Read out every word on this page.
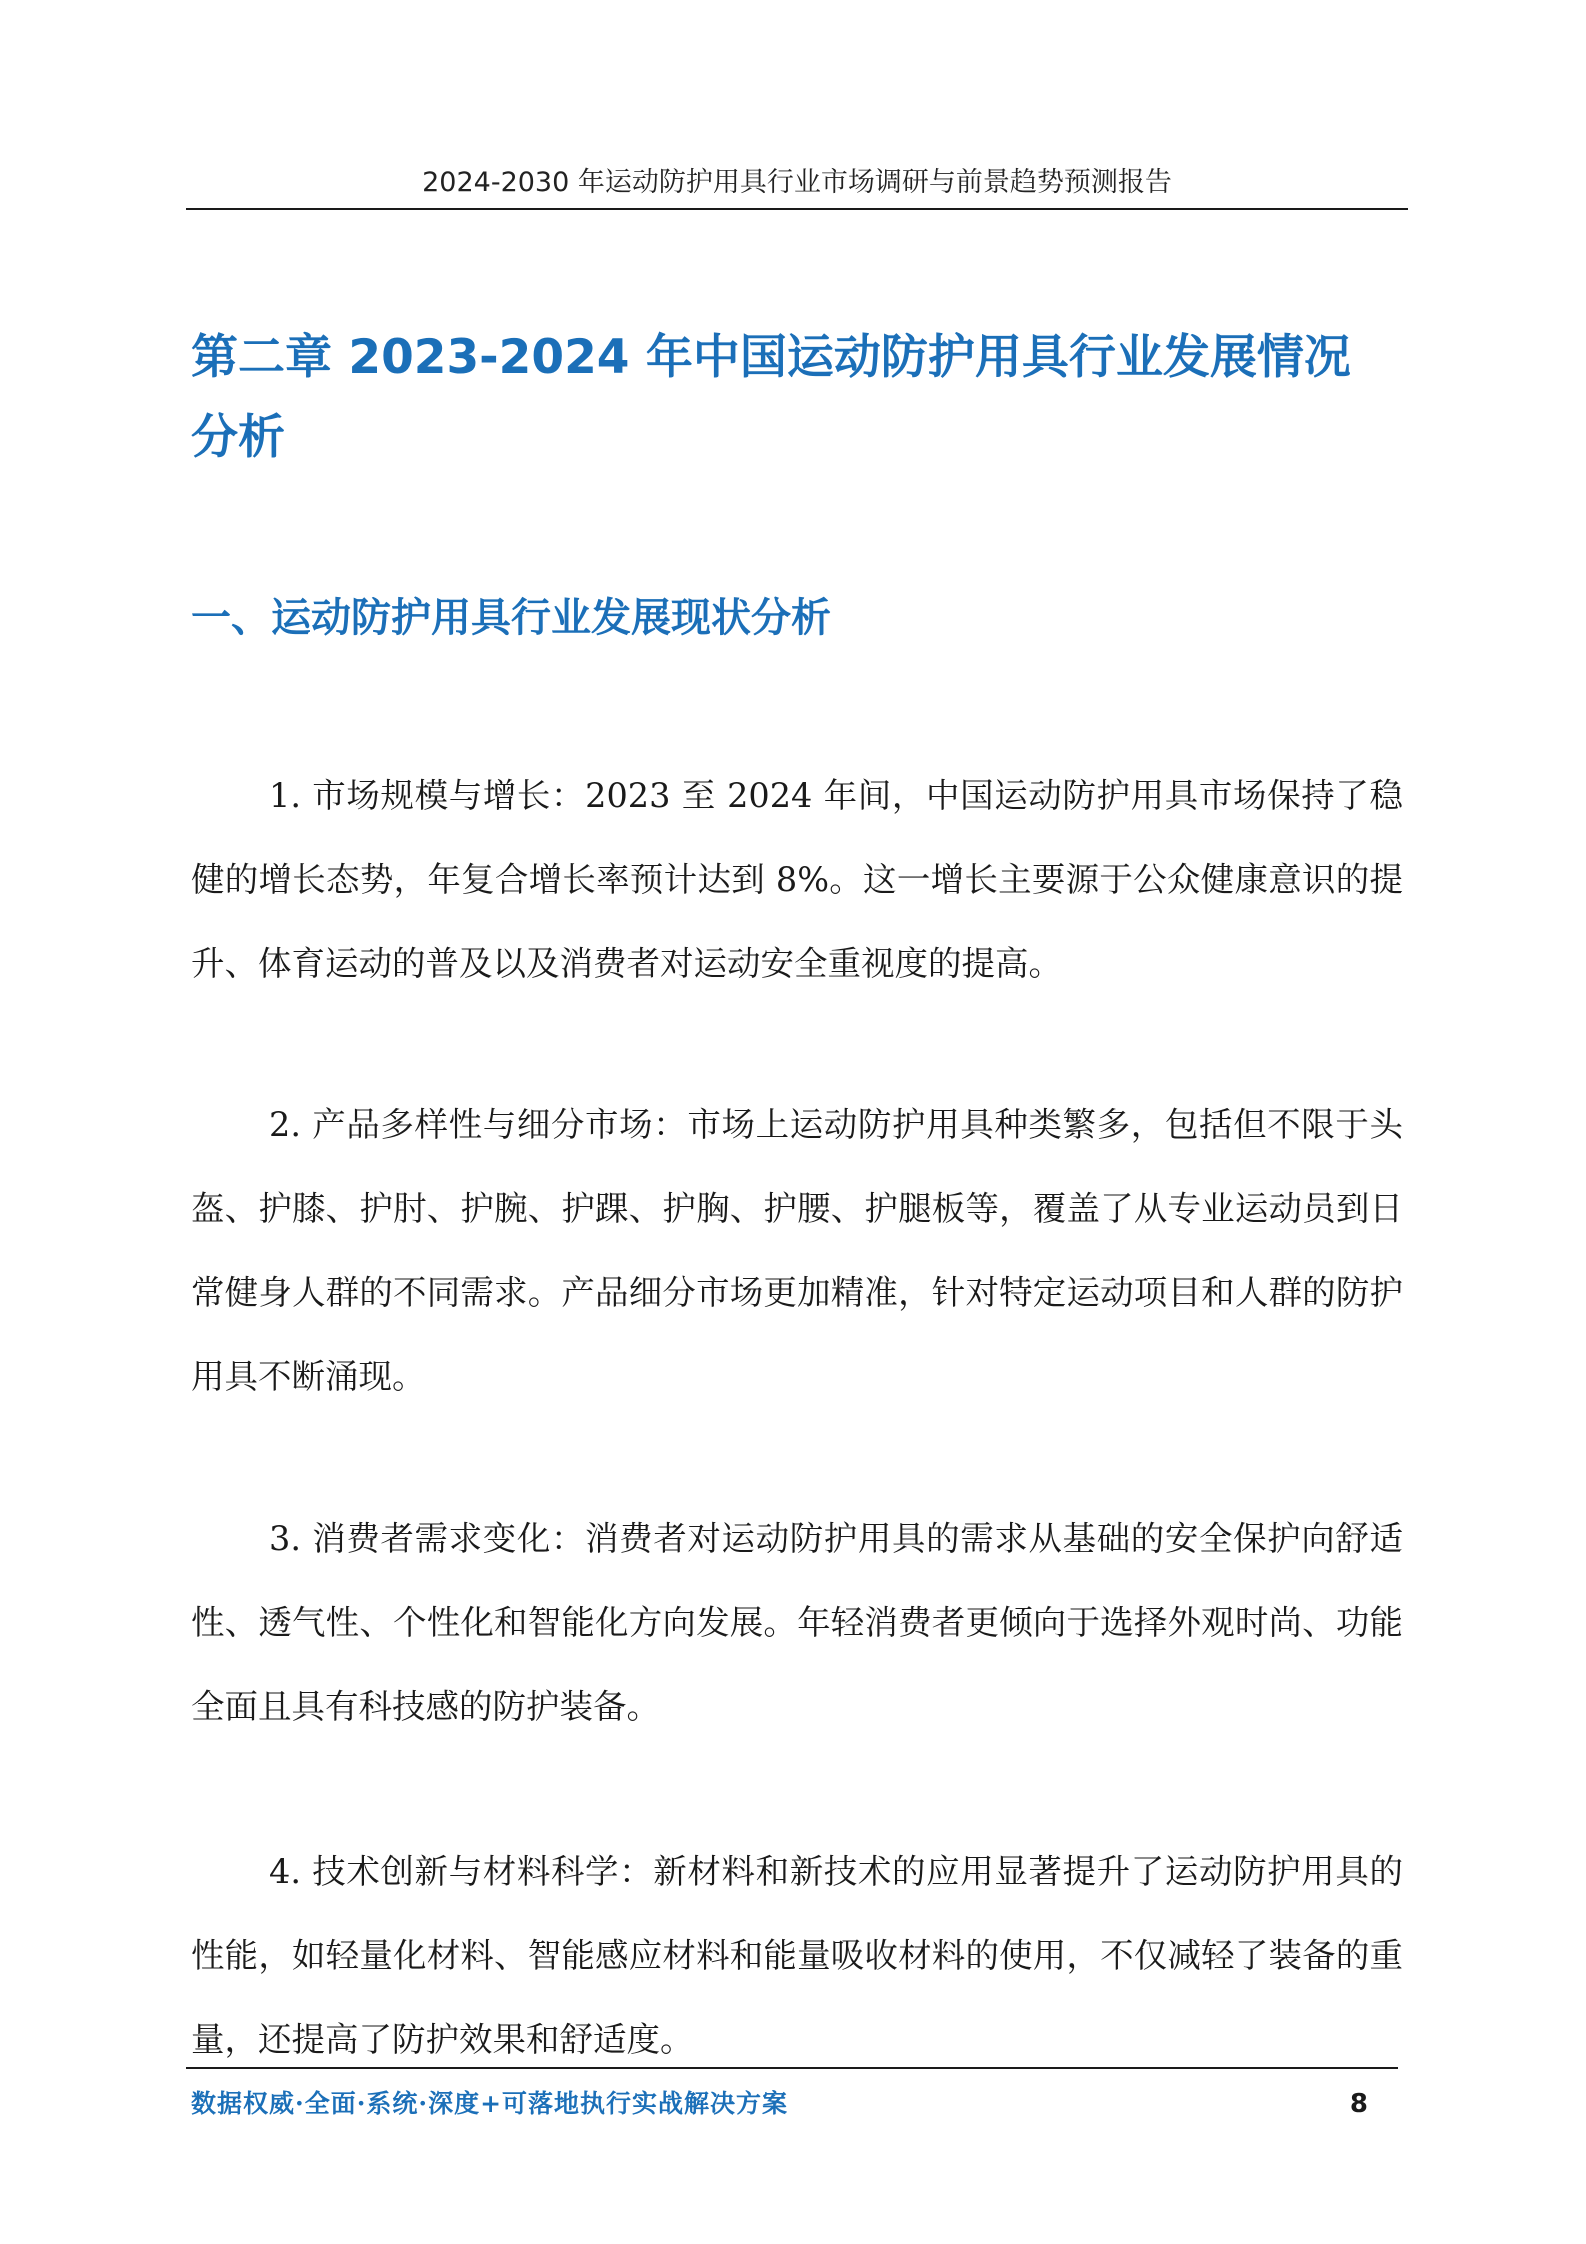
2024-2030 年运动防护用具行业市场调研与前景趋势预测报告
第二章 2023-2024 年中国运动防护用具行业发展情况分析
一、运动防护用具行业发展现状分析

1. 市场规模与增长：2023 至 2024 年间，中国运动防护用具市场保持了稳健的增长态势，年复合增长率预计达到 8%。这一增长主要源于公众健康意识的提升、体育运动的普及以及消费者对运动安全重视度的提高。

2. 产品多样性与细分市场：市场上运动防护用具种类繁多，包括但不限于头盔、护膝、护肘、护腕、护踝、护胸、护腰、护腿板等，覆盖了从专业运动员到日常健身人群的不同需求。产品细分市场更加精准，针对特定运动项目和人群的防护用具不断涌现。

3. 消费者需求变化：消费者对运动防护用具的需求从基础的安全保护向舒适性、透气性、个性化和智能化方向发展。年轻消费者更倾向于选择外观时尚、功能全面且具有科技感的防护装备。

4. 技术创新与材料科学：新材料和新技术的应用显著提升了运动防护用具的性能，如轻量化材料、智能感应材料和能量吸收材料的使用，不仅减轻了装备的重量，还提高了防护效果和舒适度。

数据权威·全面·系统·深度+可落地执行实战解决方案	8
